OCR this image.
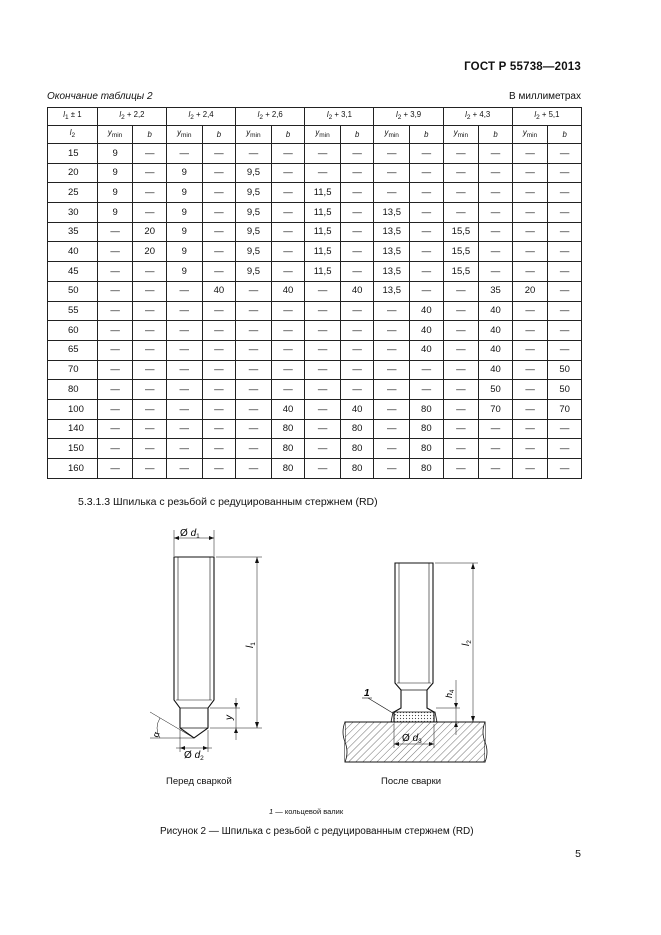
ГОСТ Р 55738—2013
Окончание таблицы 2	В миллиметрах
$l_1 \pm 1$	$l_2 + 2,2$		$l_2 + 2,4$		$l_2 + 2,6$		$l_2 + 3,1$		$l_2 + 3,9$		$l_2 + 4,3$		$l_2 + 5,1$	
$l_2$	$y_{min}$	b	$y_{min}$	b	$y_{min}$	b	$y_{min}$	b	$y_{min}$	b	$y_{min}$	b	$y_{min}$	b
15	9	—	—	—	—	—	—	—	—	—	—	—	—	—
20	9	—	9	—	9,5	—	—	—	—	—	—	—	—	—
25	9	—	9	—	9,5	—	11,5	—	—	—	—	—	—	—
30	9	—	9	—	9,5	—	11,5	—	13,5	—	—	—	—	—
35	—	20	9	—	9,5	—	11,5	—	13,5	—	15,5	—	—	—
40	—	20	9	—	9,5	—	11,5	—	13,5	—	15,5	—	—	—
45	—	—	9	—	9,5	—	11,5	—	13,5	—	15,5	—	—	—
50	—	—	—	40	—	40	—	40	13,5	—	—	35	20	—
55	—	—	—	—	—	—	—	—	—	40	—	40	—	—
60	—	—	—	—	—	—	—	—	—	40	—	40	—	—
65	—	—	—	—	—	—	—	—	—	40	—	40	—	—
70	—	—	—	—	—	—	—	—	—	—	—	40	—	50
80	—	—	—	—	—	—	—	—	—	—	—	50	—	50
100	—	—	—	—	—	40	—	40	—	80	—	70	—	70
140	—	—	—	—	—	80	—	80	—	80	—	—	—	—
150	—	—	—	—	—	80	—	80	—	80	—	—	—	—
160	—	—	—	—	—	80	—	80	—	80	—	—	—	—
5.3.1.3 Шпилька с резьбой с редуцированным стержнем (RD)
Ø $d_1$
Ø $d_2$
Ø $d_3$
$l_1$	$l_2$
$h_4$
y
α
1
Перед сваркой	После сварки
1 — кольцевой валик
Рисунок 2 — Шпилька с резьбой с редуцированным стержнем (RD)
5
